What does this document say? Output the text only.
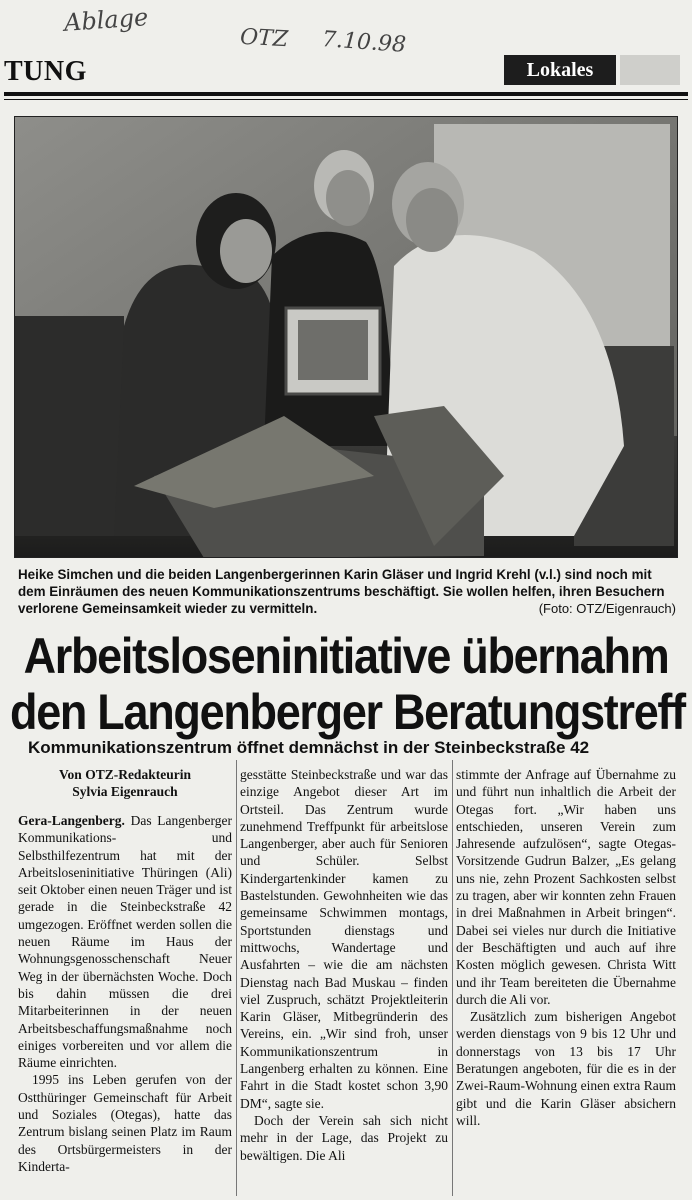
Ablage
OTZ 7.10.98
TUNG	Lokales
Heike Simchen und die beiden Langenbergerinnen Karin Gläser und Ingrid Krehl (v.l.) sind noch mit dem Einräumen des neuen Kommunikationszentrums beschäftigt. Sie wollen helfen, ihren Besuchern verlorene Gemeinsamkeit wieder zu vermitteln.	(Foto: OTZ/Eigenrauch)
Arbeitsloseninitiative übernahm
den Langenberger Beratungstreff
Kommunikationszentrum öffnet demnächst in der Steinbeckstraße 42
Von OTZ-Redakteurin
Sylvia Eigenrauch

Gera-Langenberg. Das Langenberger Kommunikations- und Selbsthilfezentrum hat mit der Arbeitsloseninitiative Thüringen (Ali) seit Oktober einen neuen Träger und ist gerade in die Steinbeckstraße 42 umgezogen. Eröffnet werden sollen die neuen Räume im Haus der Wohnungsgenosschenschaft Neuer Weg in der übernächsten Woche. Doch bis dahin müssen die drei Mitarbeiterinnen in der neuen Arbeitsbeschaffungsmaßnahme noch einiges vorbereiten und vor allem die Räume einrichten.

1995 ins Leben gerufen von der Ostthüringer Gemeinschaft für Arbeit und Soziales (Otegas), hatte das Zentrum bislang seinen Platz im Raum des Ortsbürgermeisters in der Kinderta-

gesstätte Steinbeckstraße und war das einzige Angebot dieser Art im Ortsteil. Das Zentrum wurde zunehmend Treffpunkt für arbeitslose Langenberger, aber auch für Senioren und Schüler. Selbst Kindergartenkinder kamen zu Bastelstunden. Gewohnheiten wie das gemeinsame Schwimmen montags, Sportstunden dienstags und mittwochs, Wandertage und Ausfahrten – wie die am nächsten Dienstag nach Bad Muskau – finden viel Zuspruch, schätzt Projektleiterin Karin Gläser, Mitbegründerin des Vereins, ein. „Wir sind froh, unser Kommunikationszentrum in Langenberg erhalten zu können. Eine Fahrt in die Stadt kostet schon 3,90 DM“, sagte sie.

Doch der Verein sah sich nicht mehr in der Lage, das Projekt zu bewältigen. Die Ali

stimmte der Anfrage auf Übernahme zu und führt nun inhaltlich die Arbeit der Otegas fort. „Wir haben uns entschieden, unseren Verein zum Jahresende aufzulösen“, sagte Otegas-Vorsitzende Gudrun Balzer, „Es gelang uns nie, zehn Prozent Sachkosten selbst zu tragen, aber wir konnten zehn Frauen in drei Maßnahmen in Arbeit bringen“. Dabei sei vieles nur durch die Initiative der Beschäftigten und auch auf ihre Kosten möglich gewesen. Christa Witt und ihr Team bereiteten die Übernahme durch die Ali vor.

Zusätzlich zum bisherigen Angebot werden dienstags von 9 bis 12 Uhr und donnerstags von 13 bis 17 Uhr Beratungen angeboten, für die es in der Zwei-Raum-Wohnung einen extra Raum gibt und die Karin Gläser absichern will.
